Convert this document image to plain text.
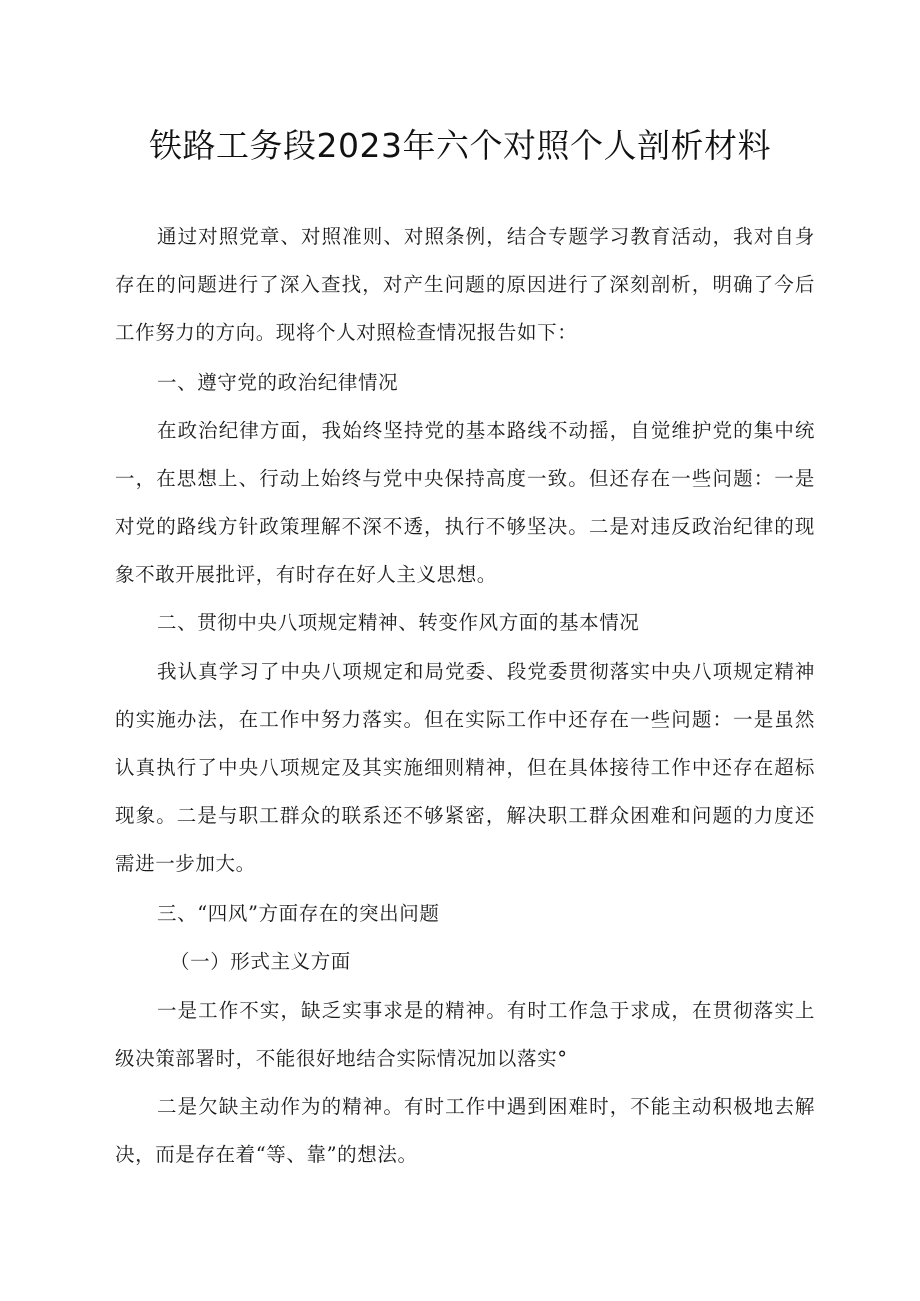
铁路工务段2023年六个对照个人剖析材料

通过对照党章、对照准则、对照条例，结合专题学习教育活动，我对自身

存在的问题进行了深入查找，对产生问题的原因进行了深刻剖析，明确了今后

工作努力的方向。现将个人对照检查情况报告如下：

一、遵守党的政治纪律情况

在政治纪律方面，我始终坚持党的基本路线不动摇，自觉维护党的集中统

一，在思想上、行动上始终与党中央保持高度一致。但还存在一些问题：一是

对党的路线方针政策理解不深不透，执行不够坚决。二是对违反政治纪律的现

象不敢开展批评，有时存在好人主义思想。

二、贯彻中央八项规定精神、转变作风方面的基本情况

我认真学习了中央八项规定和局党委、段党委贯彻落实中央八项规定精神

的实施办法，在工作中努力落实。但在实际工作中还存在一些问题：一是虽然

认真执行了中央八项规定及其实施细则精神，但在具体接待工作中还存在超标

现象。二是与职工群众的联系还不够紧密，解决职工群众困难和问题的力度还

需进一步加大。

三、“四风”方面存在的突出问题

（一）形式主义方面

一是工作不实，缺乏实事求是的精神。有时工作急于求成，在贯彻落实上

级决策部署时，不能很好地结合实际情况加以落实°

二是欠缺主动作为的精神。有时工作中遇到困难时，不能主动积极地去解

决，而是存在着“等、靠”的想法。
